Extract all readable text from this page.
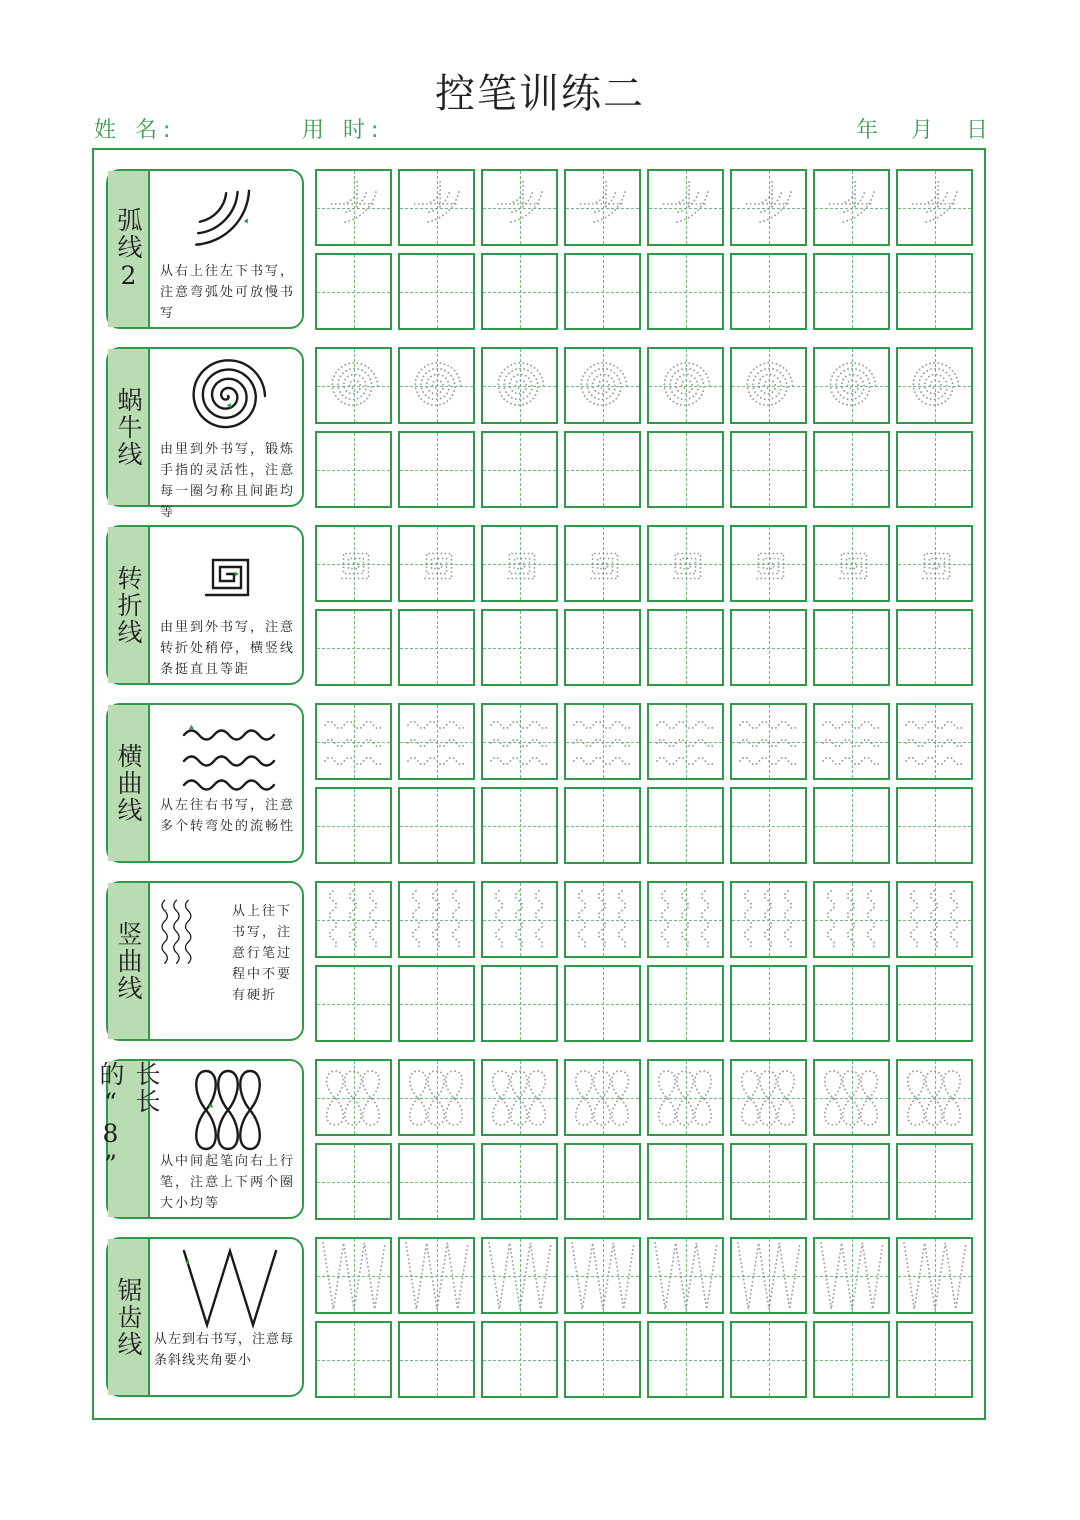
控笔训练二
姓 名:	用 时:	年 月 日
弧线2 从右上往左下书写，注意弯弧处可放慢书写
蜗牛线 由里到外书写，锻炼手指的灵活性，注意每一圈匀称且间距均等
转折线 由里到外书写，注意转折处稍停，横竖线条挺直且等距
横曲线 从左往右书写，注意多个转弯处的流畅性
竖曲线
从上往下书写，注意行笔过程中不要有硬折
长长的“8”	从中间起笔向右上行笔，注意上下两个圈大小均等
锯齿线 从左到右书写，注意每条斜线夹角要小
